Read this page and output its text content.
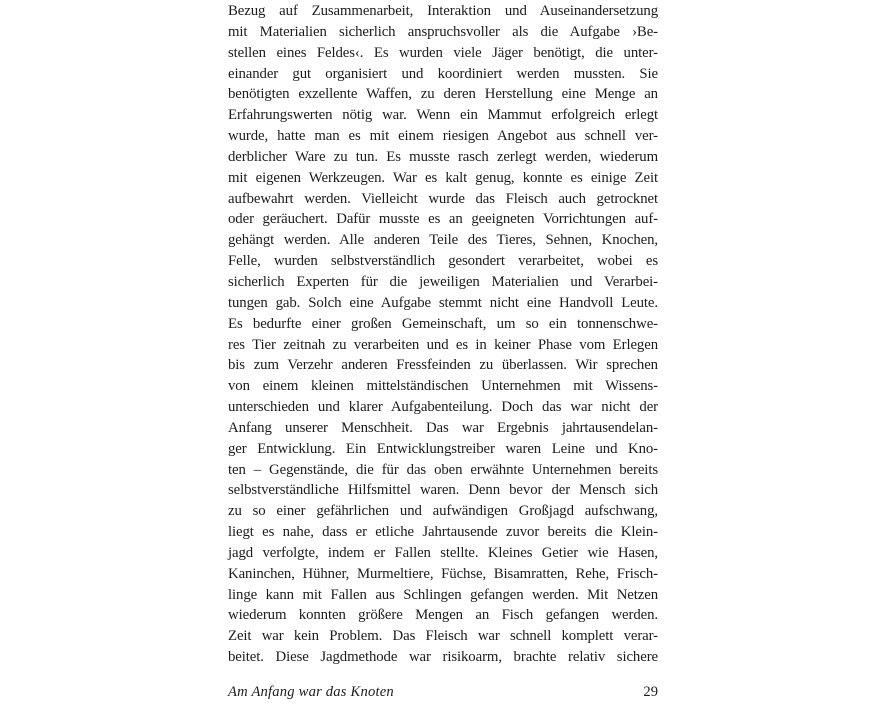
Bezug auf Zusammenarbeit, Interaktion und Auseinandersetzung
mit Materialien sicherlich anspruchsvoller als die Aufgabe ›Be-
stellen eines Feldes‹. Es wurden viele Jäger benötigt, die unter-
einander gut organisiert und koordiniert werden mussten. Sie
benötigten exzellente Waffen, zu deren Herstellung eine Menge an
Erfahrungswerten nötig war. Wenn ein Mammut erfolgreich erlegt
wurde, hatte man es mit einem riesigen Angebot aus schnell ver-
derblicher Ware zu tun. Es musste rasch zerlegt werden, wiederum
mit eigenen Werkzeugen. War es kalt genug, konnte es einige Zeit
aufbewahrt werden. Vielleicht wurde das Fleisch auch getrocknet
oder geräuchert. Dafür musste es an geeigneten Vorrichtungen auf-
gehängt werden. Alle anderen Teile des Tieres, Sehnen, Knochen,
Felle, wurden selbstverständlich gesondert verarbeitet, wobei es
sicherlich Experten für die jeweiligen Materialien und Verarbei-
tungen gab. Solch eine Aufgabe stemmt nicht eine Handvoll Leute.
Es bedurfte einer großen Gemeinschaft, um so ein tonnenschwe-
res Tier zeitnah zu verarbeiten und es in keiner Phase vom Erlegen
bis zum Verzehr anderen Fressfeinden zu überlassen. Wir sprechen
von einem kleinen mittelständischen Unternehmen mit Wissens-
unterschieden und klarer Aufgabenteilung. Doch das war nicht der
Anfang unserer Menschheit. Das war Ergebnis jahrtausendelan-
ger Entwicklung. Ein Entwicklungstreiber waren Leine und Kno-
ten – Gegenstände, die für das oben erwähnte Unternehmen bereits
selbstverständliche Hilfsmittel waren. Denn bevor der Mensch sich
zu so einer gefährlichen und aufwändigen Großjagd aufschwang,
liegt es nahe, dass er etliche Jahrtausende zuvor bereits die Klein-
jagd verfolgte, indem er Fallen stellte. Kleines Getier wie Hasen,
Kaninchen, Hühner, Murmeltiere, Füchse, Bisamratten, Rehe, Frisch-
linge kann mit Fallen aus Schlingen gefangen werden. Mit Netzen
wiederum konnten größere Mengen an Fisch gefangen werden.
Zeit war kein Problem. Das Fleisch war schnell komplett verar-
beitet. Diese Jagdmethode war risikoarm, brachte relativ sichere
Am Anfang war das Knoten	29
